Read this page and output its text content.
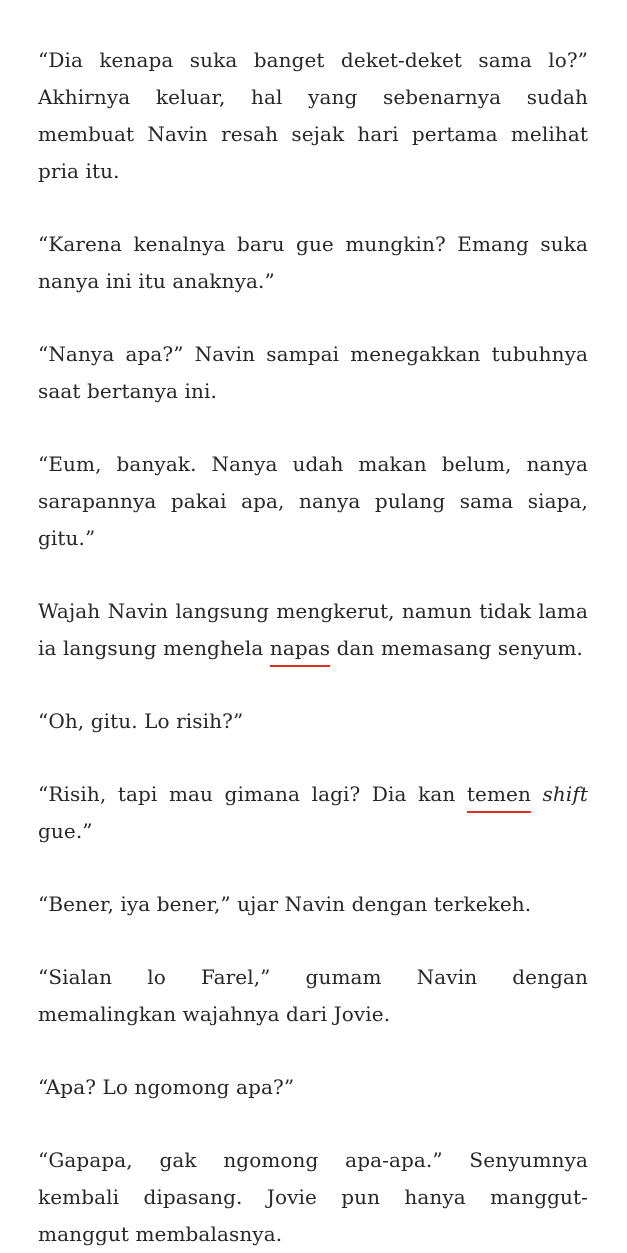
“Dia kenapa suka banget deket-deket sama lo?” Akhirnya keluar, hal yang sebenarnya sudah membuat Navin resah sejak hari pertama melihat pria itu.

“Karena kenalnya baru gue mungkin? Emang suka nanya ini itu anaknya.”

“Nanya apa?” Navin sampai menegakkan tubuhnya saat bertanya ini.

“Eum, banyak. Nanya udah makan belum, nanya sarapannya pakai apa, nanya pulang sama siapa, gitu.”

Wajah Navin langsung mengkerut, namun tidak lama ia langsung menghela napas dan memasang senyum.

“Oh, gitu. Lo risih?”

“Risih, tapi mau gimana lagi? Dia kan temen shift gue.”

“Bener, iya bener,” ujar Navin dengan terkekeh.

“Sialan lo Farel,” gumam Navin dengan memalingkan wajahnya dari Jovie.

“Apa? Lo ngomong apa?”

“Gapapa, gak ngomong apa-apa.” Senyumnya kembali dipasang. Jovie pun hanya manggut-manggut membalasnya.
